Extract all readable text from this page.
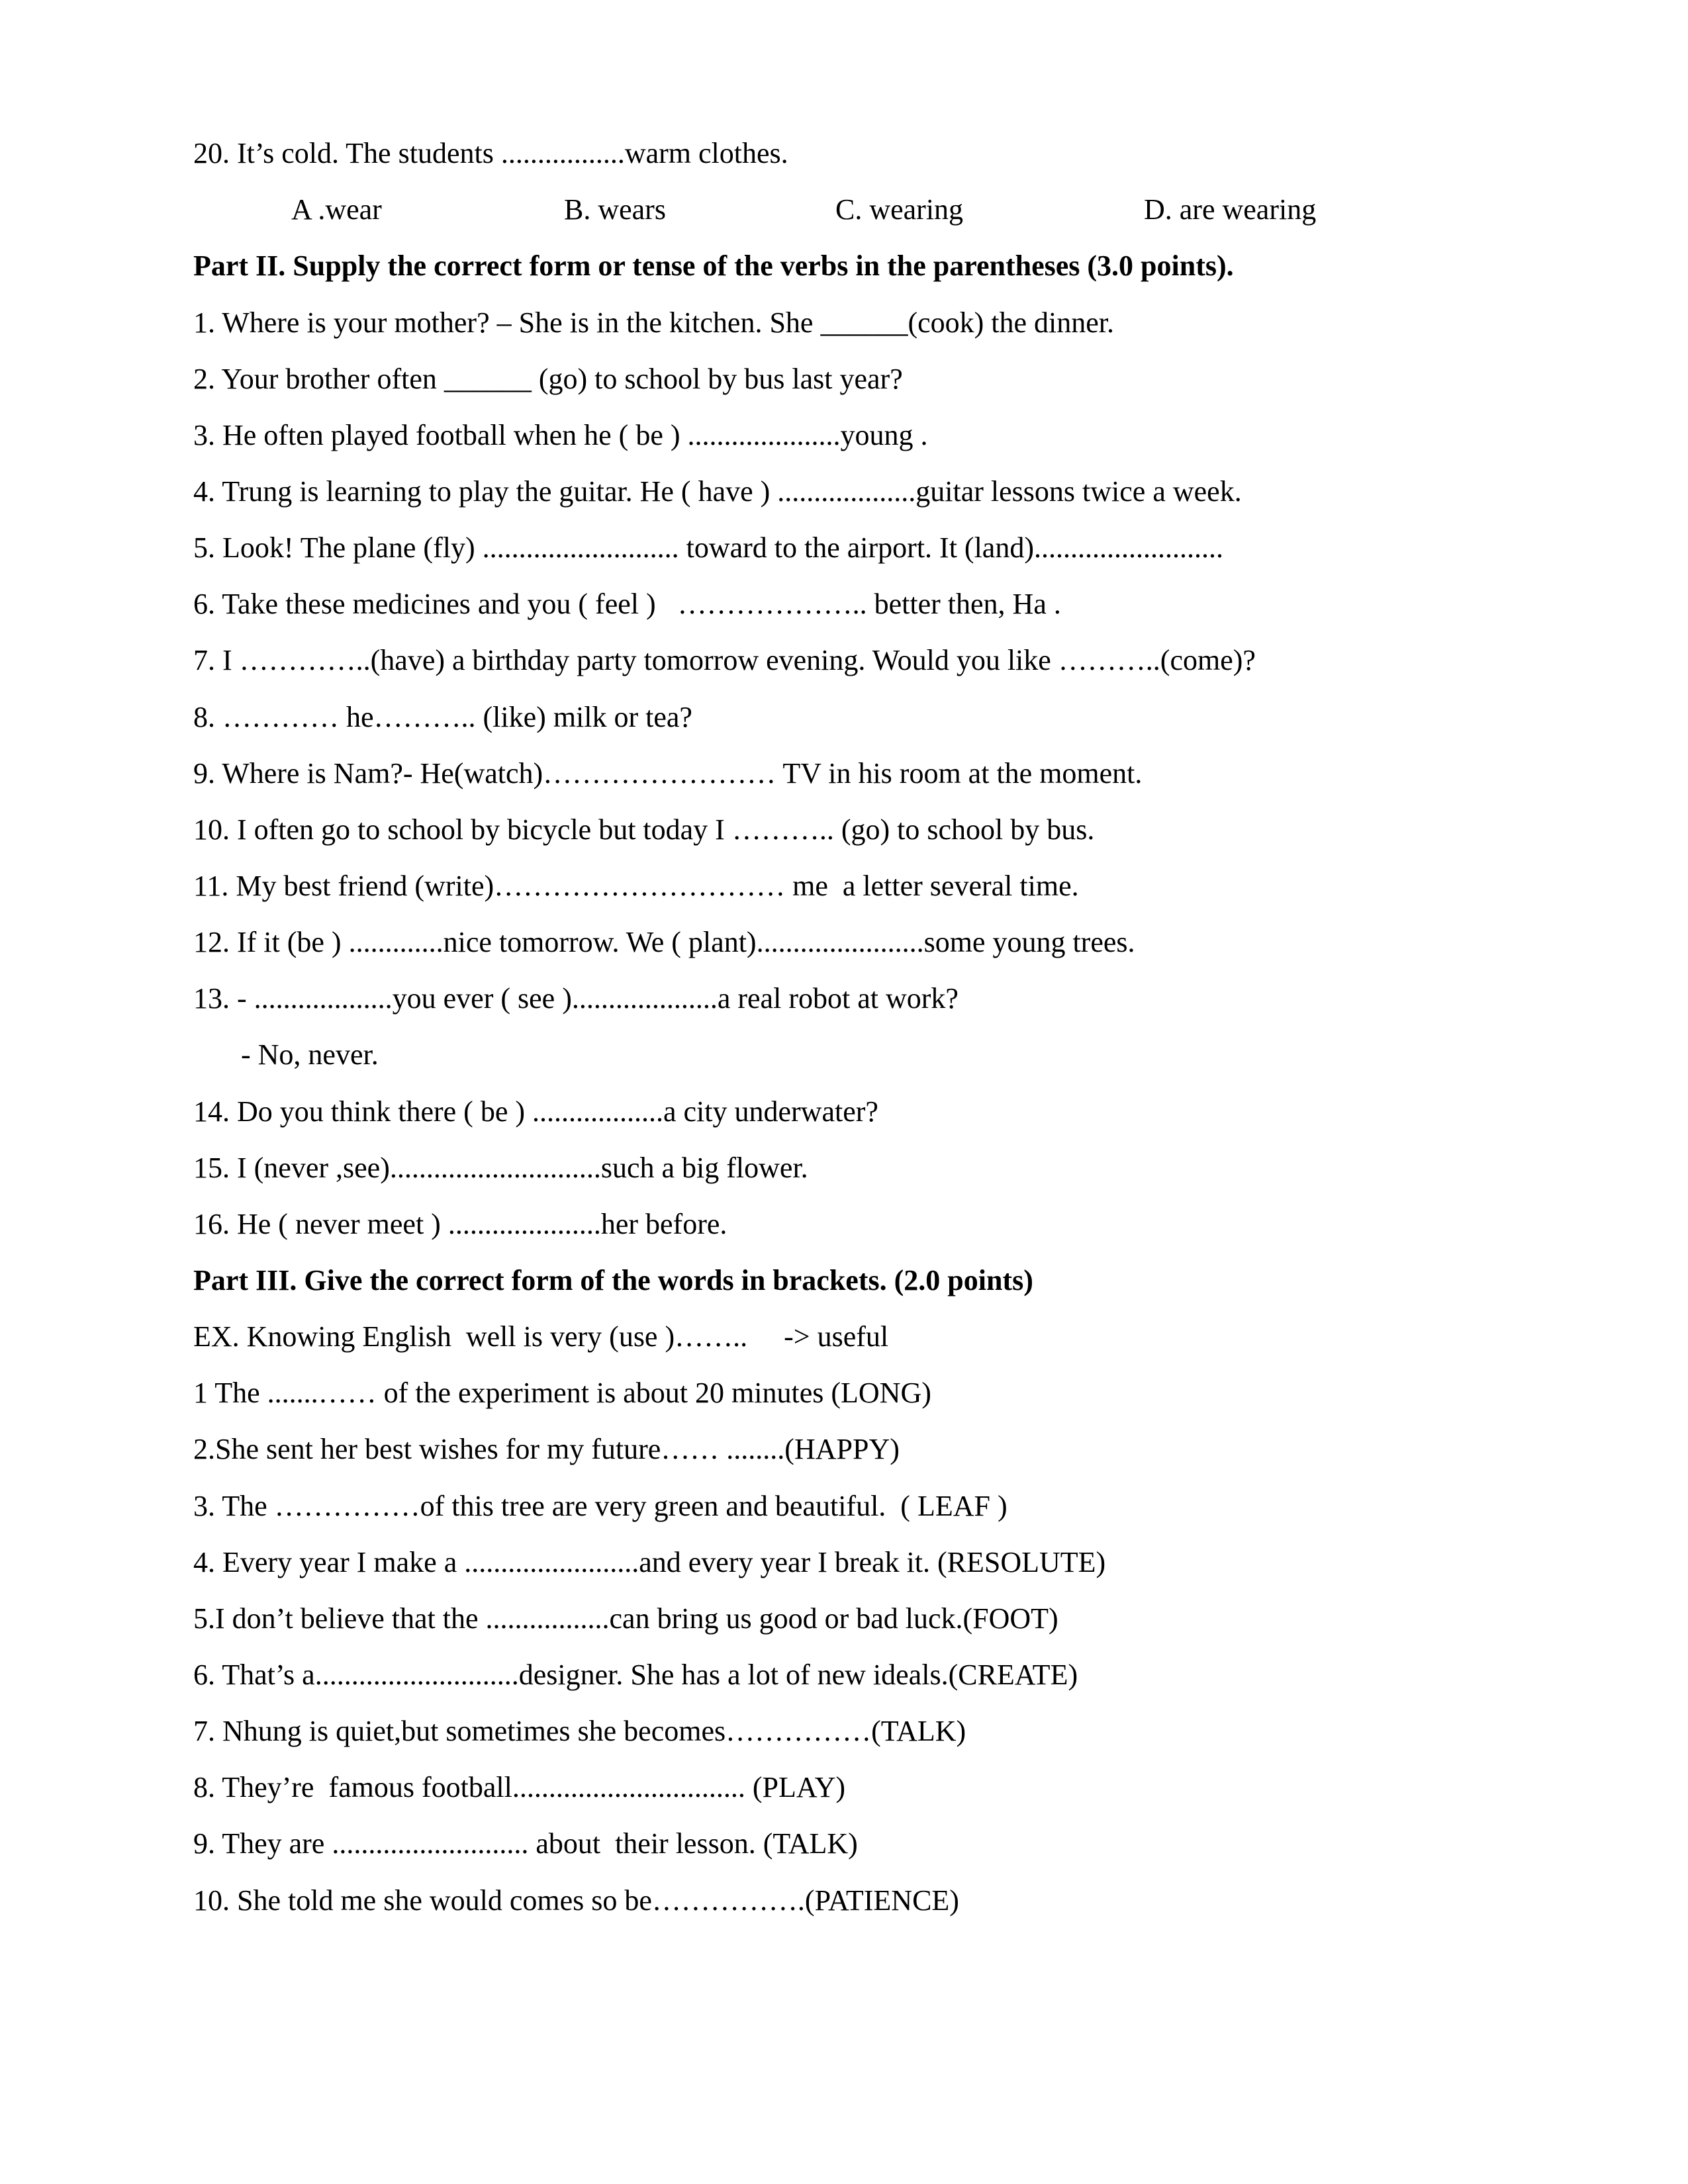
20. It’s cold. The students .................warm clothes.
A .wear	B. wears	C. wearing	D. are wearing
Part II. Supply the correct form or tense of the verbs in the parentheses (3.0 points).
1. Where is your mother? – She is in the kitchen. She ______(cook) the dinner.
2. Your brother often ______ (go) to school by bus last year?
3. He often played football when he ( be ) .....................young .
4. Trung is learning to play the guitar. He ( have ) ...................guitar lessons twice a week.
5. Look! The plane (fly) ........................... toward to the airport. It (land)..........................
6. Take these medicines and you ( feel )   ……………….. better then, Ha .
7. I …………..(have) a birthday party tomorrow evening. Would you like ………..(come)?
8. ………… he……….. (like) milk or tea?
9. Where is Nam?- He(watch)…………………… TV in his room at the moment.
10. I often go to school by bicycle but today I ……….. (go) to school by bus.
11. My best friend (write)………………………… me  a letter several time.
12. If it (be ) .............nice tomorrow. We ( plant).......................some young trees.
13. - ...................you ever ( see )....................a real robot at work?
- No, never.
14. Do you think there ( be ) ..................a city underwater?
15. I (never ,see).............................such a big flower.
16. He ( never meet ) .....................her before.
Part III. Give the correct form of the words in brackets. (2.0 points)
EX. Knowing English  well is very (use )……..     -> useful
1 The .......…… of the experiment is about 20 minutes (LONG)
2.She sent her best wishes for my future…… ........(HAPPY)
3. The ……………of this tree are very green and beautiful.  ( LEAF )
4. Every year I make a ........................and every year I break it. (RESOLUTE)
5.I don’t believe that the .................can bring us good or bad luck.(FOOT)
6. That’s a............................designer. She has a lot of new ideals.(CREATE)
7. Nhung is quiet,but sometimes she becomes……………(TALK)
8. They’re  famous football................................ (PLAY)
9. They are ........................... about  their lesson. (TALK)
10. She told me she would comes so be…………….(PATIENCE)
